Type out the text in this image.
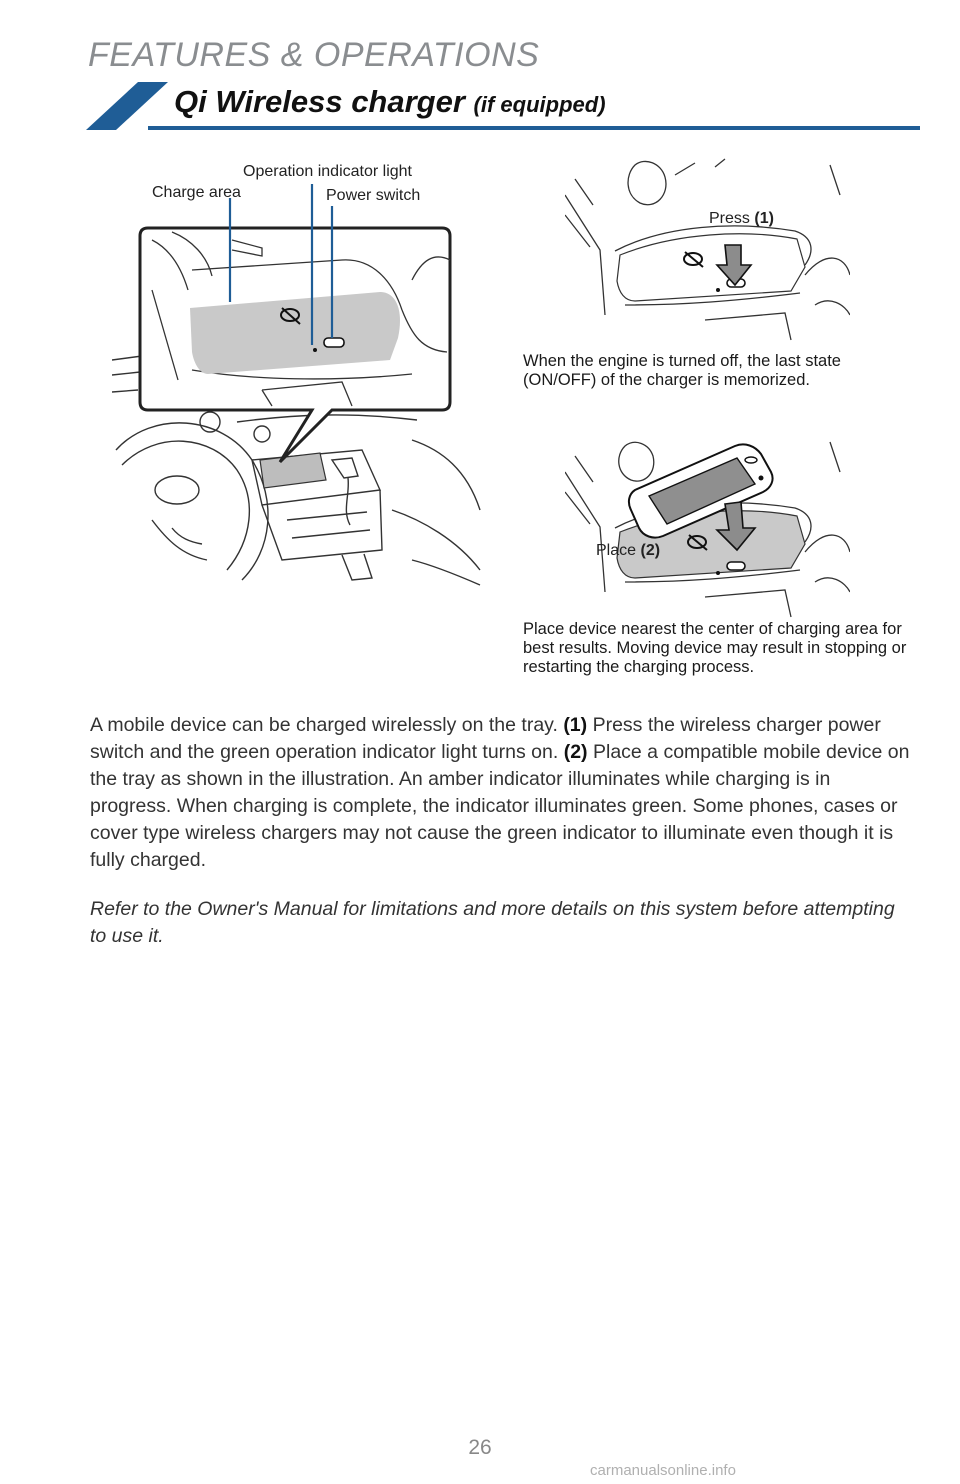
FEATURES & OPERATIONS
Qi Wireless charger (if equipped)
Charge area
Operation indicator light
Power switch
Press (1)
When the engine is turned off, the last state (ON/OFF) of the charger is memorized.
Place (2)
Place device nearest the center of charging area for best results. Moving device may result in stopping or restarting the charging process.

A mobile device can be charged wirelessly on the tray. (1) Press the wireless charger power switch and the green operation indicator light turns on. (2) Place a compatible mobile device on the tray as shown in the illustration. An amber indicator illuminates while charging is in progress. When charging is complete, the indicator illuminates green. Some phones, cases or cover type wireless chargers may not cause the green indicator to illuminate even though it is fully charged.

Refer to the Owner's Manual for limitations and more details on this system before attempting to use it.

26
carmanualsonline.info
